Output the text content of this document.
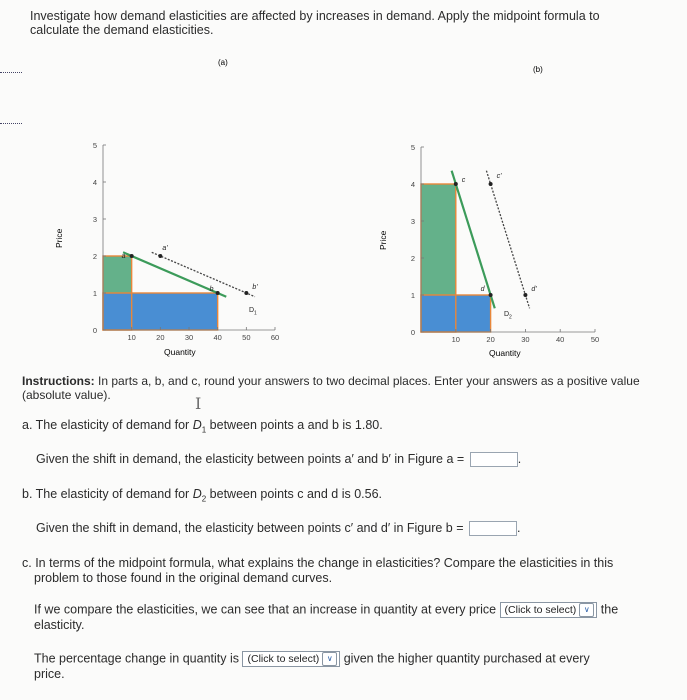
Investigate how demand elasticities are affected by increases in demand. Apply the midpoint formula to
calculate the demand elasticities.
(a)
0
1
2
3
4
5
10	20	30	40	50	60
a
a'
b	b'
D 1
Quantity
Price
(b)
0
1
2
3
4
5
10	20	30	40	50
c
c'
d	d'
D 2
Quantity
Price
Instructions: In parts a, b, and c, round your answers to two decimal places. Enter your answers as a positive value (absolute value).	I
a. The elasticity of demand for $D_1$ between points a and b is 1.80.
Given the shift in demand, the elasticity between points a′ and b′ in Figure a =	.
b. The elasticity of demand for $D_2$ between points c and d is 0.56.
Given the shift in demand, the elasticity between points c′ and d′ in Figure b =	.
c. In terms of the midpoint formula, what explains the change in elasticities? Compare the elasticities in this
problem to those found in the original demand curves.
If we compare the elasticities, we can see that an increase in quantity at every price (Click to select) ∨ the
elasticity.
The percentage change in quantity is (Click to select) ∨ given the higher quantity purchased at every
price.
